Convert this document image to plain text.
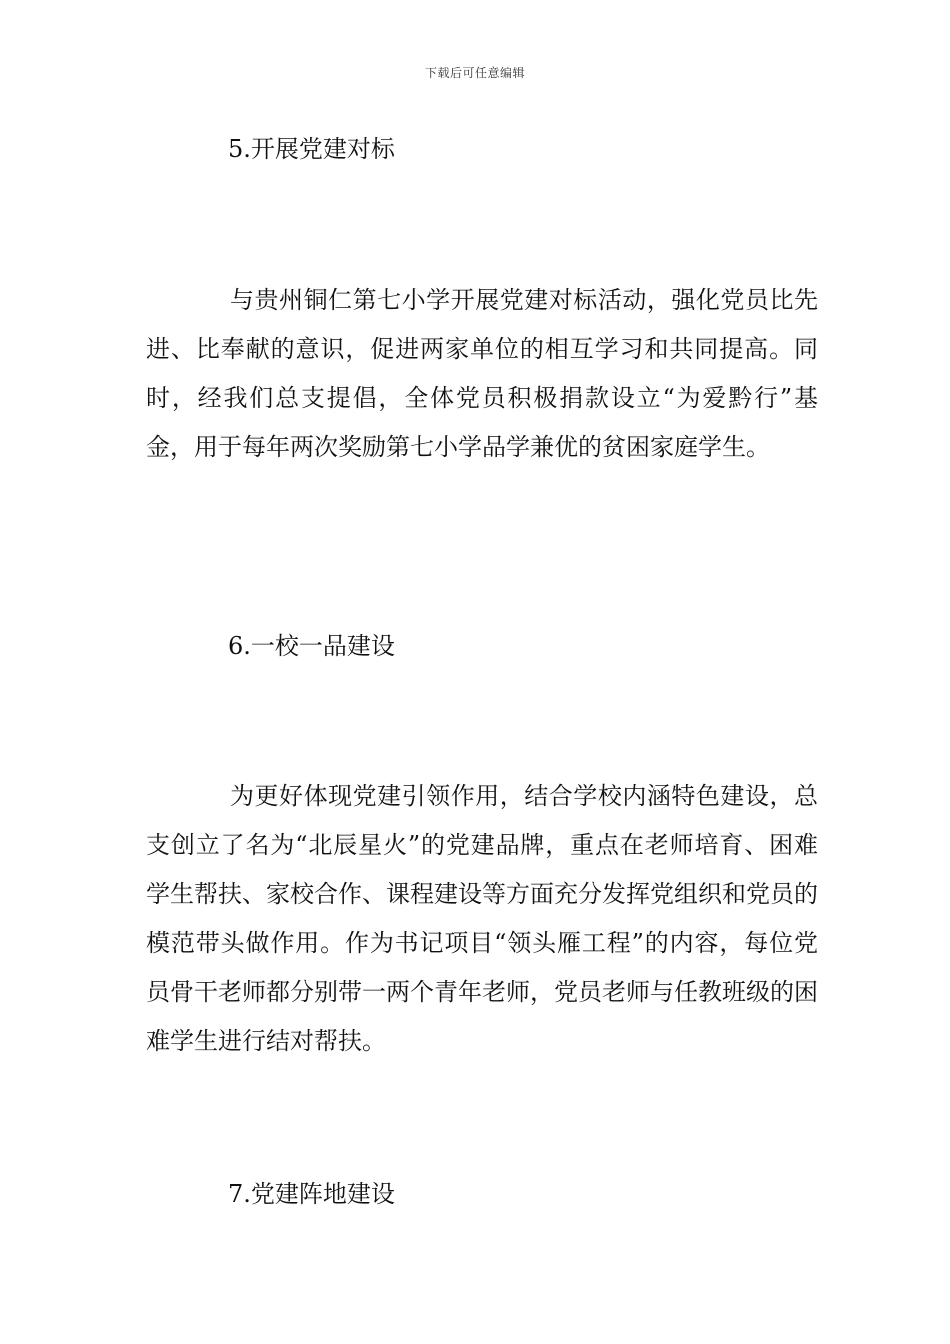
下载后可任意编辑
5.开展党建对标
与贵州铜仁第七小学开展党建对标活动，强化党员比先进、比奉献的意识，促进两家单位的相互学习和共同提高。同时，经我们总支提倡，全体党员积极捐款设立“为爱黔行”基金，用于每年两次奖励第七小学品学兼优的贫困家庭学生。
6.一校一品建设
为更好体现党建引领作用，结合学校内涵特色建设，总支创立了名为“北辰星火”的党建品牌，重点在老师培育、困难学生帮扶、家校合作、课程建设等方面充分发挥党组织和党员的模范带头做作用。作为书记项目“领头雁工程”的内容，每位党员骨干老师都分别带一两个青年老师，党员老师与任教班级的困难学生进行结对帮扶。
7.党建阵地建设
